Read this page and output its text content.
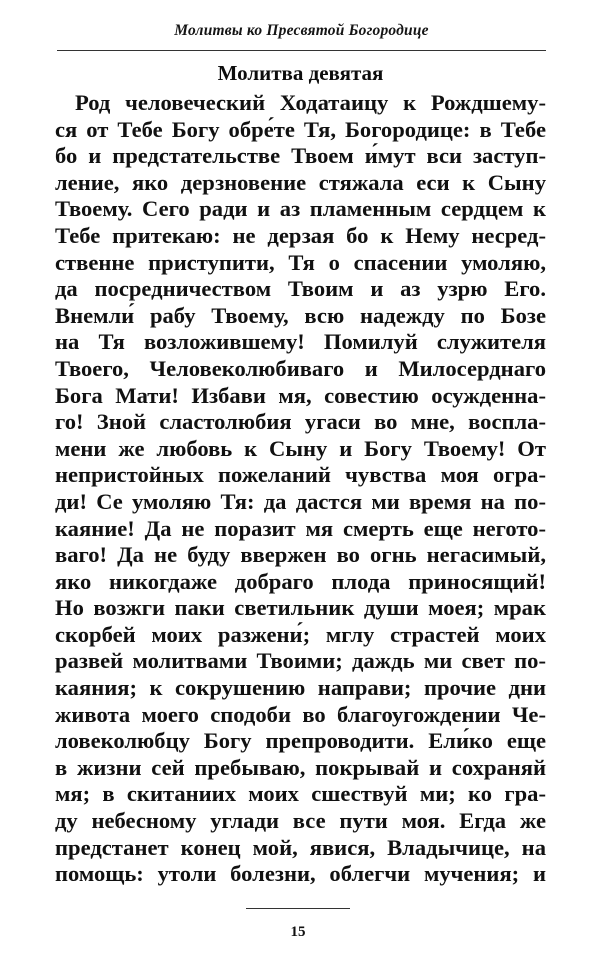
Молитвы ко Пресвятой Богородице
Молитва девятая
Род человеческий Ходатаицу к Рождшему-
ся от Тебе Богу обре́те Тя, Богородице: в Тебе
бо и предстательстве Твоем и́мут вси заступ-
ление, яко дерзновение стяжала еси к Сыну
Твоему. Сего ради и аз пламенным сердцем к
Тебе притекаю: не дерзая бо к Нему несред-
ственне приступити, Тя о спасении умоляю,
да посредничеством Твоим и аз узрю Его.
Внемли́ рабу Твоему, всю надежду по Бозе
на Тя возложившему! Помилуй служителя
Твоего, Человеколюбиваго и Милосерднаго
Бога Мати! Избави мя, совестию осужденна-
го! Зной сластолюбия угаси во мне, воспла-
мени же любовь к Сыну и Богу Твоему! От
непристойных пожеланий чувства моя огра-
ди! Се умоляю Тя: да дастся ми время на по-
каяние! Да не поразит мя смерть еще негото-
ваго! Да не буду ввержен во огнь негасимый,
яко никогдаже добраго плода приносящий!
Но возжги паки светильник души моея; мрак
скорбей моих разжени́; мглу страстей моих
развей молитвами Твоими; даждь ми свет по-
каяния; к сокрушению направи; прочие дни
живота моего сподоби во благоугождении Че-
ловеколюбцу Богу препроводити. Ели́ко еще
в жизни сей пребываю, покрывай и сохраняй
мя; в скитаниих моих сшествуй ми; ко гра-
ду небесному углади все пути моя. Егда же
предстанет конец мой, явися, Владычице, на
помощь: утоли болезни, облегчи мучения; и
15
